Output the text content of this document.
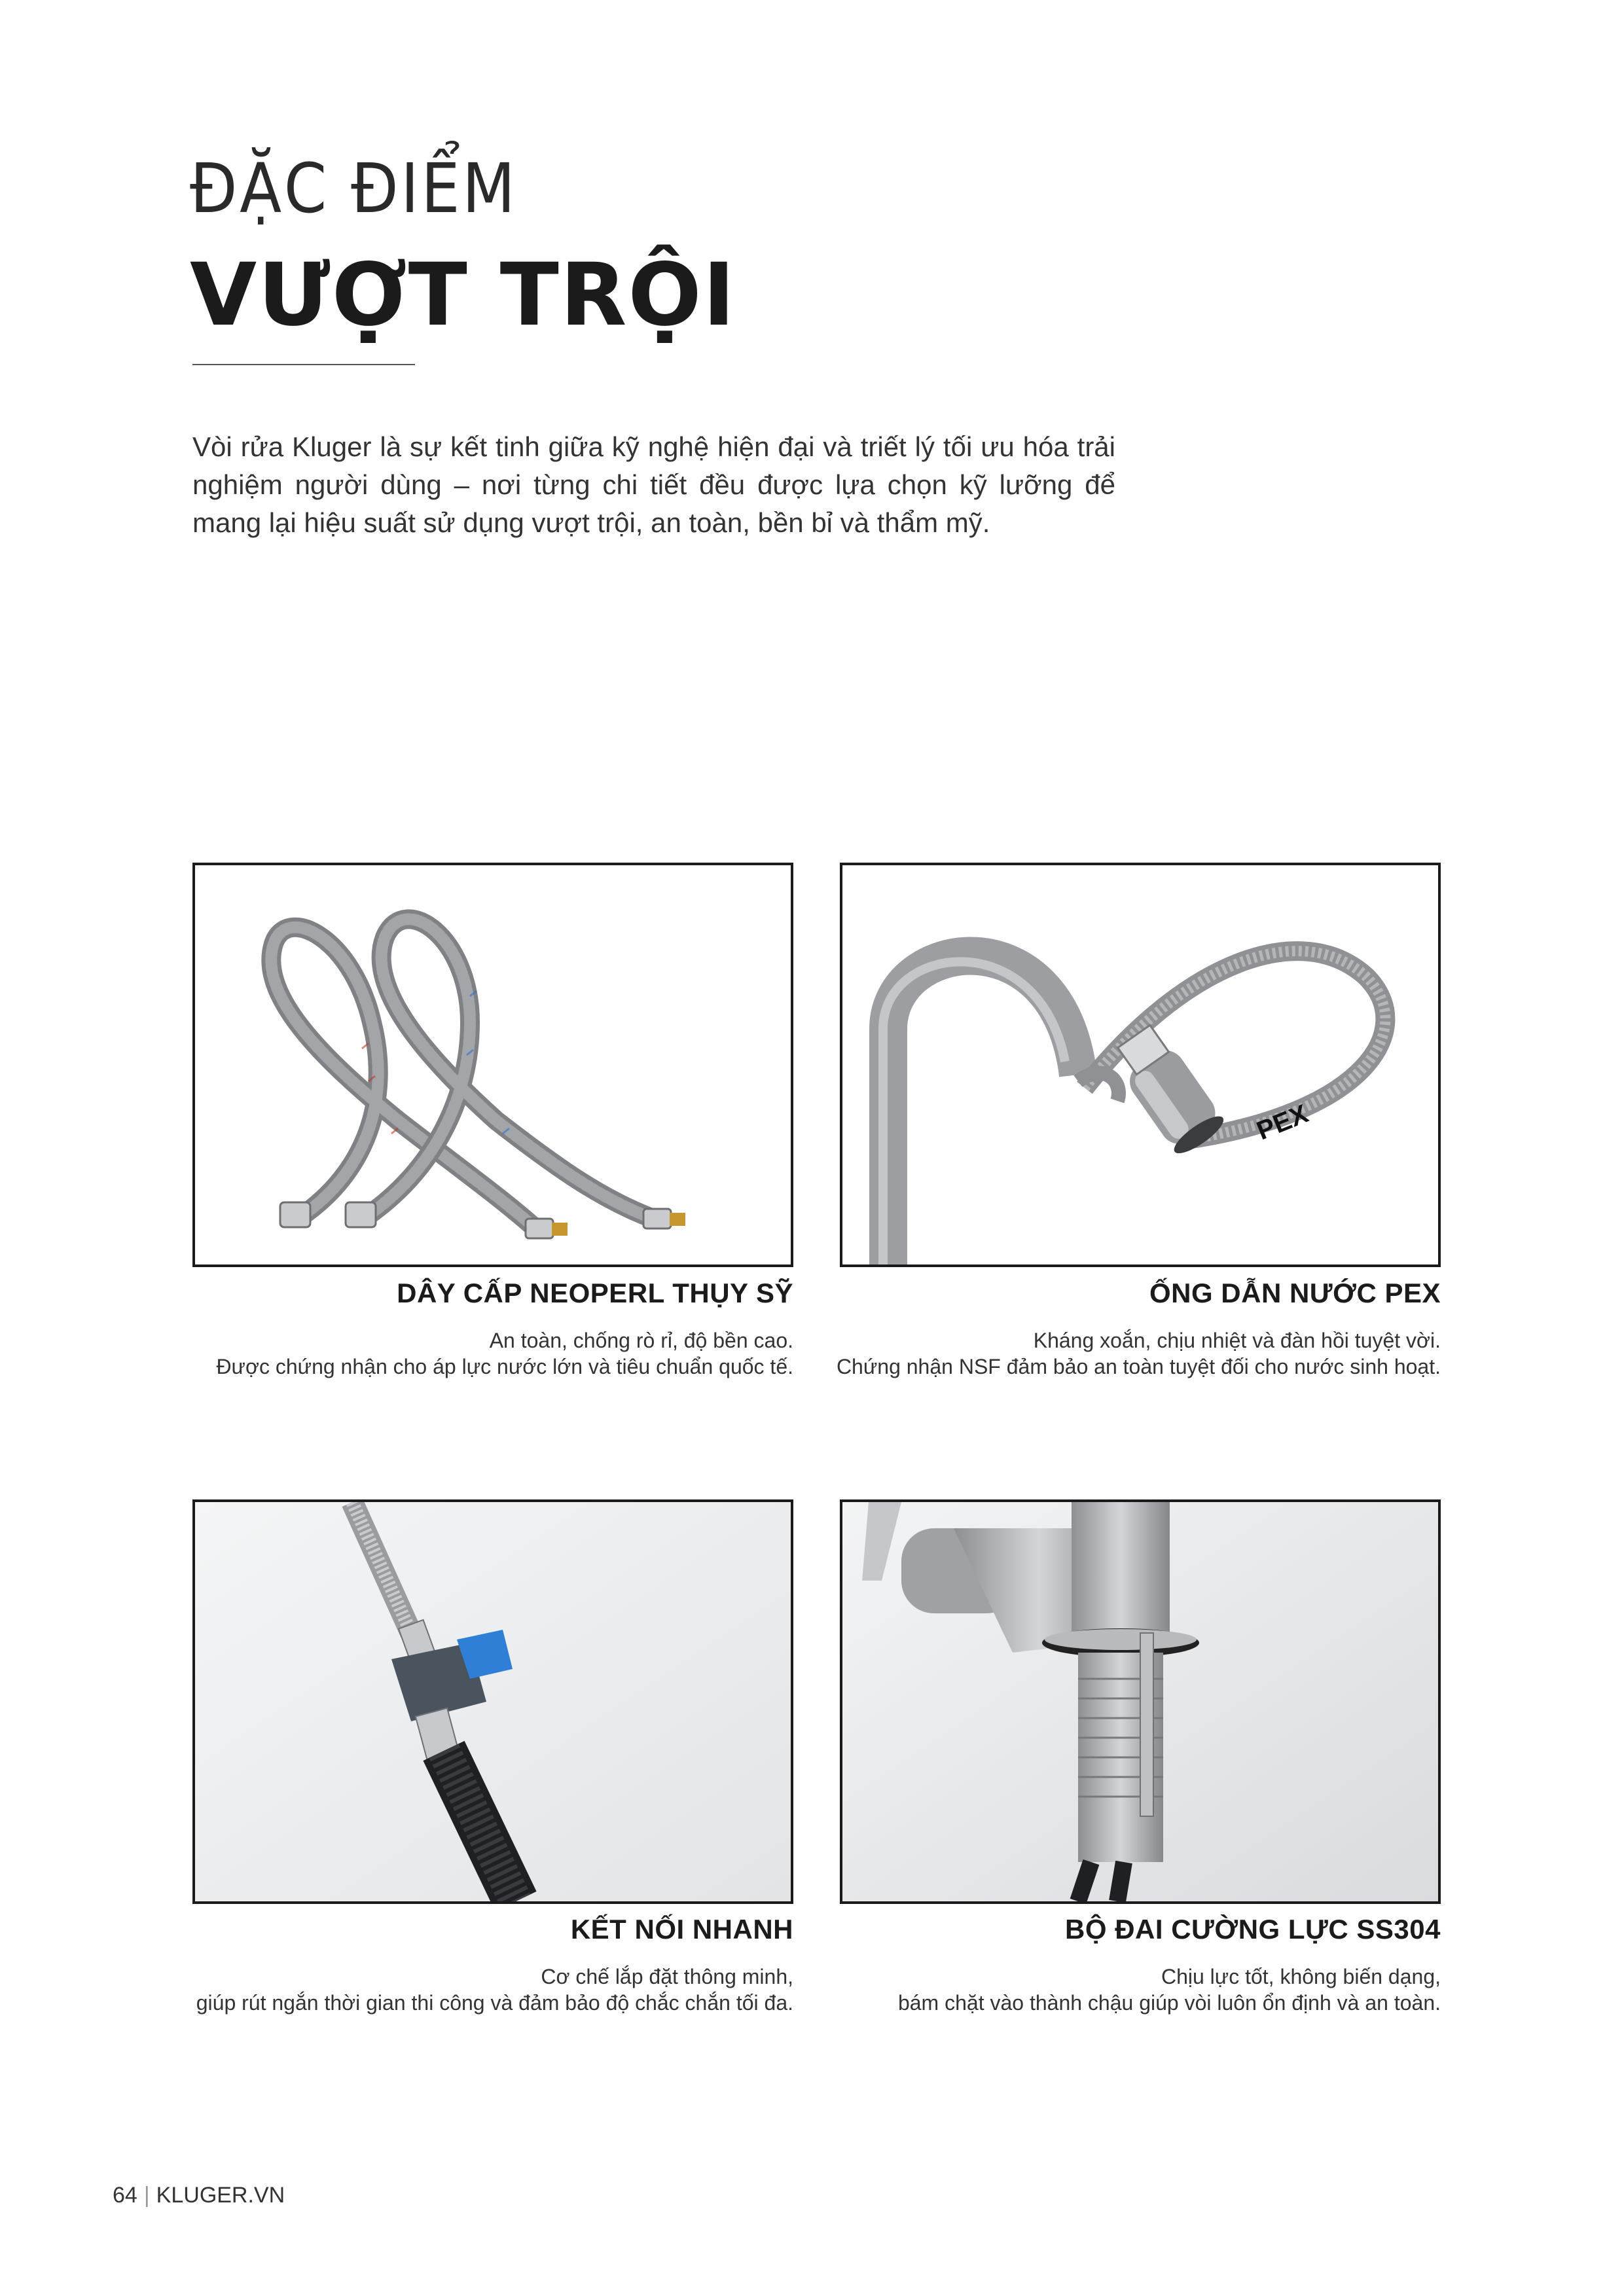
ĐẶC ĐIỂM
VƯỢT TRỘI

Vòi rửa Kluger là sự kết tinh giữa kỹ nghệ hiện đại và triết lý tối ưu hóa trải nghiệm người dùng – nơi từng chi tiết đều được lựa chọn kỹ lưỡng để mang lại hiệu suất sử dụng vượt trội, an toàn, bền bỉ và thẩm mỹ.

DÂY CẤP NEOPERL THỤY SỸ

An toàn, chống rò rỉ, độ bền cao.

Được chứng nhận cho áp lực nước lớn và tiêu chuẩn quốc tế.

PEX

ỐNG DẪN NƯỚC PEX

Kháng xoắn, chịu nhiệt và đàn hồi tuyệt vời.

Chứng nhận NSF đảm bảo an toàn tuyệt đối cho nước sinh hoạt.

KẾT NỐI NHANH

Cơ chế lắp đặt thông minh,

giúp rút ngắn thời gian thi công và đảm bảo độ chắc chắn tối đa.

BỘ ĐAI CƯỜNG LỰC SS304

Chịu lực tốt, không biến dạng,

bám chặt vào thành chậu giúp vòi luôn ổn định và an toàn.

64 | KLUGER.VN
